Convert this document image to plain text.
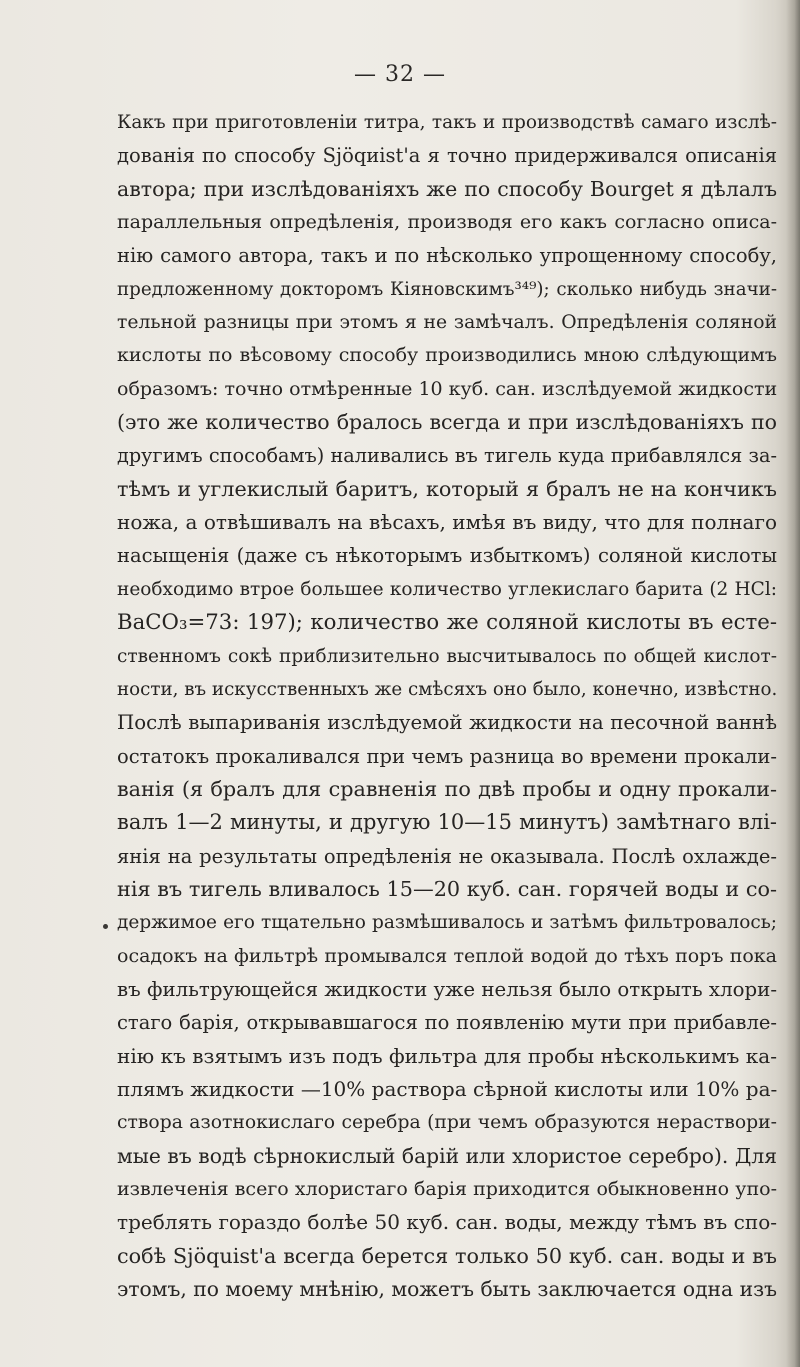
— 32 —
Какъ при приготовленіи титра, такъ и производствѣ самаго изслѣ-
дованія по способу Sjöqиist'а я точно придерживался описанія
автора; при изслѣдованіяхъ же по способу Bourget я дѣлалъ
параллельныя опредѣленія, производя его какъ согласно описа-
нію самого автора, такъ и по нѣсколько упрощенному способу,
предложенному докторомъ Кіяновскимъ³⁴⁹); сколько нибудь значи-
тельной разницы при этомъ я не замѣчалъ. Опредѣленія соляной
кислоты по вѣсовому способу производились мною слѣдующимъ
образомъ: точно отмѣренные 10 куб. сан. изслѣдуемой жидкости
(это же количество бралось всегда и при изслѣдованіяхъ по
другимъ способамъ) наливались въ тигель куда прибавлялся за-
тѣмъ и углекислый баритъ, который я бралъ не на кончикъ
ножа, а отвѣшивалъ на вѣсахъ, имѣя въ виду, что для полнаго
насыщенія (даже съ нѣкоторымъ избыткомъ) соляной кислоты
необходимо втрое большее количество углекислаго барита (2 HCl:
BaCO₃=73: 197); количество же соляной кислоты въ есте-
ственномъ сокѣ приблизительно высчитывалось по общей кислот-
ности, въ искусственныхъ же смѣсяхъ оно было, конечно, извѣстно.
Послѣ выпариванія изслѣдуемой жидкости на песочной ваннѣ
остатокъ прокаливался при чемъ разница во времени прокали-
ванія (я бралъ для сравненія по двѣ пробы и одну прокали-
валъ 1—2 минуты, и другую 10—15 минутъ) замѣтнаго влі-
янія на результаты опредѣленія не оказывала. Послѣ охлажде-
нія въ тигель вливалось 15—20 куб. сан. горячей воды и со-
держимое его тщательно размѣшивалось и затѣмъ фильтровалось;
осадокъ на фильтрѣ промывался теплой водой до тѣхъ поръ пока
въ фильтрующейся жидкости уже нельзя было открыть хлори-
стаго барія, открывавшагося по появленію мути при прибавле-
нію къ взятымъ изъ подъ фильтра для пробы нѣсколькимъ ка-
плямъ жидкости —10% раствора сѣрной кислоты или 10% ра-
створа азотнокислаго серебра (при чемъ образуются нераствори-
мые въ водѣ сѣрнокислый барій или хлористое серебро). Для
извлеченія всего хлористаго барія приходится обыкновенно упо-
треблять гораздо болѣе 50 куб. сан. воды, между тѣмъ въ спо-
собѣ Sjöquist'а всегда берется только 50 куб. сан. воды и въ
этомъ, по моему мнѣнію, можетъ быть заключается одна изъ
